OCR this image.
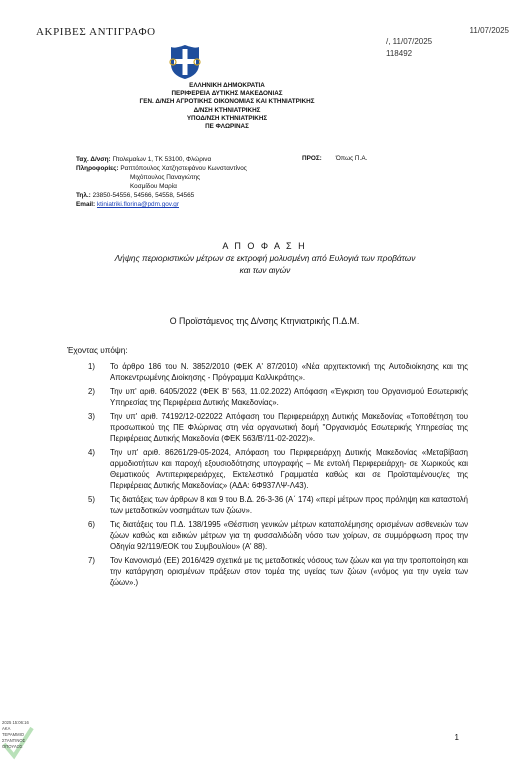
ΑΚΡΙΒΕΣ ΑΝΤΙΓΡΑΦΟ	11/07/2025
/, 11/07/2025
118492
ΕΛΛΗΝΙΚΗ ΔΗΜΟΚΡΑΤΙΑ
ΠΕΡΙΦΕΡΕΙΑ ΔΥΤΙΚΗΣ ΜΑΚΕΔΟΝΙΑΣ
ΓΕΝ. Δ/ΝΣΗ ΑΓΡΟΤΙΚΗΣ ΟΙΚΟΝΟΜΙΑΣ ΚΑΙ ΚΤΗΝΙΑΤΡΙΚΗΣ
Δ/ΝΣΗ ΚΤΗΝΙΑΤΡΙΚΗΣ
ΥΠΟΔ/ΝΣΗ ΚΤΗΝΙΑΤΡΙΚΗΣ
ΠΕ ΦΛΩΡΙΝΑΣ
Ταχ. Δ/νση: Πτολεμαίων 1, ΤΚ 53100, Φλώρινα
Πληροφορίες: Ραπτόπουλος Χατζηστεφάνου Κωνσταντίνος
Μιχόπουλος Παναγιώτης
Κοσμίδου Μαρία
Τηλ.: 23850-54556, 54566, 54558, 54565
Email: ktiniatriki.florina@pdm.gov.gr
ΠΡΟΣ: Όπως Π.Α.
Α Π Ο Φ Α Σ Η
Λήψης περιοριστικών μέτρων σε εκτροφή μολυσμένη από Ευλογιά των προβάτων και των αιγών
Ο Προϊστάμενος της Δ/νσης Κτηνιατρικής Π.Δ.Μ.
Έχοντας υπόψη:
1) Το άρθρο 186 του Ν. 3852/2010 (ΦΕΚ Α' 87/2010) «Νέα αρχιτεκτονική της Αυτοδιοίκησης και της Αποκεντρωμένης Διοίκησης - Πρόγραμμα Καλλικράτης».
2) Την υπ' αριθ. 6405/2022 (ΦΕΚ Β' 563, 11.02.2022) Απόφαση «Έγκριση του Οργανισμού Εσωτερικής Υπηρεσίας της Περιφέρεια Δυτικής Μακεδονίας».
3) Την υπ' αριθ. 74192/12-022022 Απόφαση του Περιφερειάρχη Δυτικής Μακεδονίας «Τοποθέτηση του προσωπικού της ΠΕ Φλώρινας στη νέα οργανωτική δομή ''Οργανισμός Εσωτερικής Υπηρεσίας της Περιφέρειας Δυτικής Μακεδονία (ΦΕΚ 563/Β'/11-02-2022)».
4) Την υπ' αριθ. 86261/29-05-2024, Απόφαση του Περιφερειάρχη Δυτικής Μακεδονίας «Μεταβίβαση αρμοδιοτήτων και παροχή εξουσιοδότησης υπογραφής – Με εντολή Περιφερειάρχη- σε Χωρικούς και Θεματικούς Αντιπεριφερειάρχες, Εκτελεστικό Γραμματέα καθώς και σε Προϊσταμένους/ες της Περιφέρειας Δυτικής Μακεδονίας» (ΑΔΑ: 6Φ937ΛΨ-Λ43).
5) Τις διατάξεις των άρθρων 8 και 9 του Β.Δ. 26-3-36 (Α΄ 174) «περί μέτρων προς πρόληψη και καταστολή των μεταδοτικών νοσημάτων των ζώων».
6) Τις διατάξεις του Π.Δ. 138/1995 «Θέσπιση γενικών μέτρων καταπολέμησης ορισμένων ασθενειών των ζώων καθώς και ειδικών μέτρων για τη φυσσαλιδώδη νόσο των χοίρων, σε συμμόρφωση προς την Οδηγία 92/119/ΕΟΚ του Συμβουλίου» (Α' 88).
7) Τον Κανονισμό (ΕΕ) 2016/429 σχετικά με τις μεταδοτικές νόσους των ζώων και για την τροποποίηση και την κατάργηση ορισμένων πράξεων στον τομέα της υγείας των ζώων («νόμος για την υγεία των ζώων».)
1
2025 15:06:16
ΑΚΑ
ΤΕΡΑΜΜΙΟ
ΣΤΑΝΤΙΝΟΣ
ΟΠΟΥΛΟΣ
